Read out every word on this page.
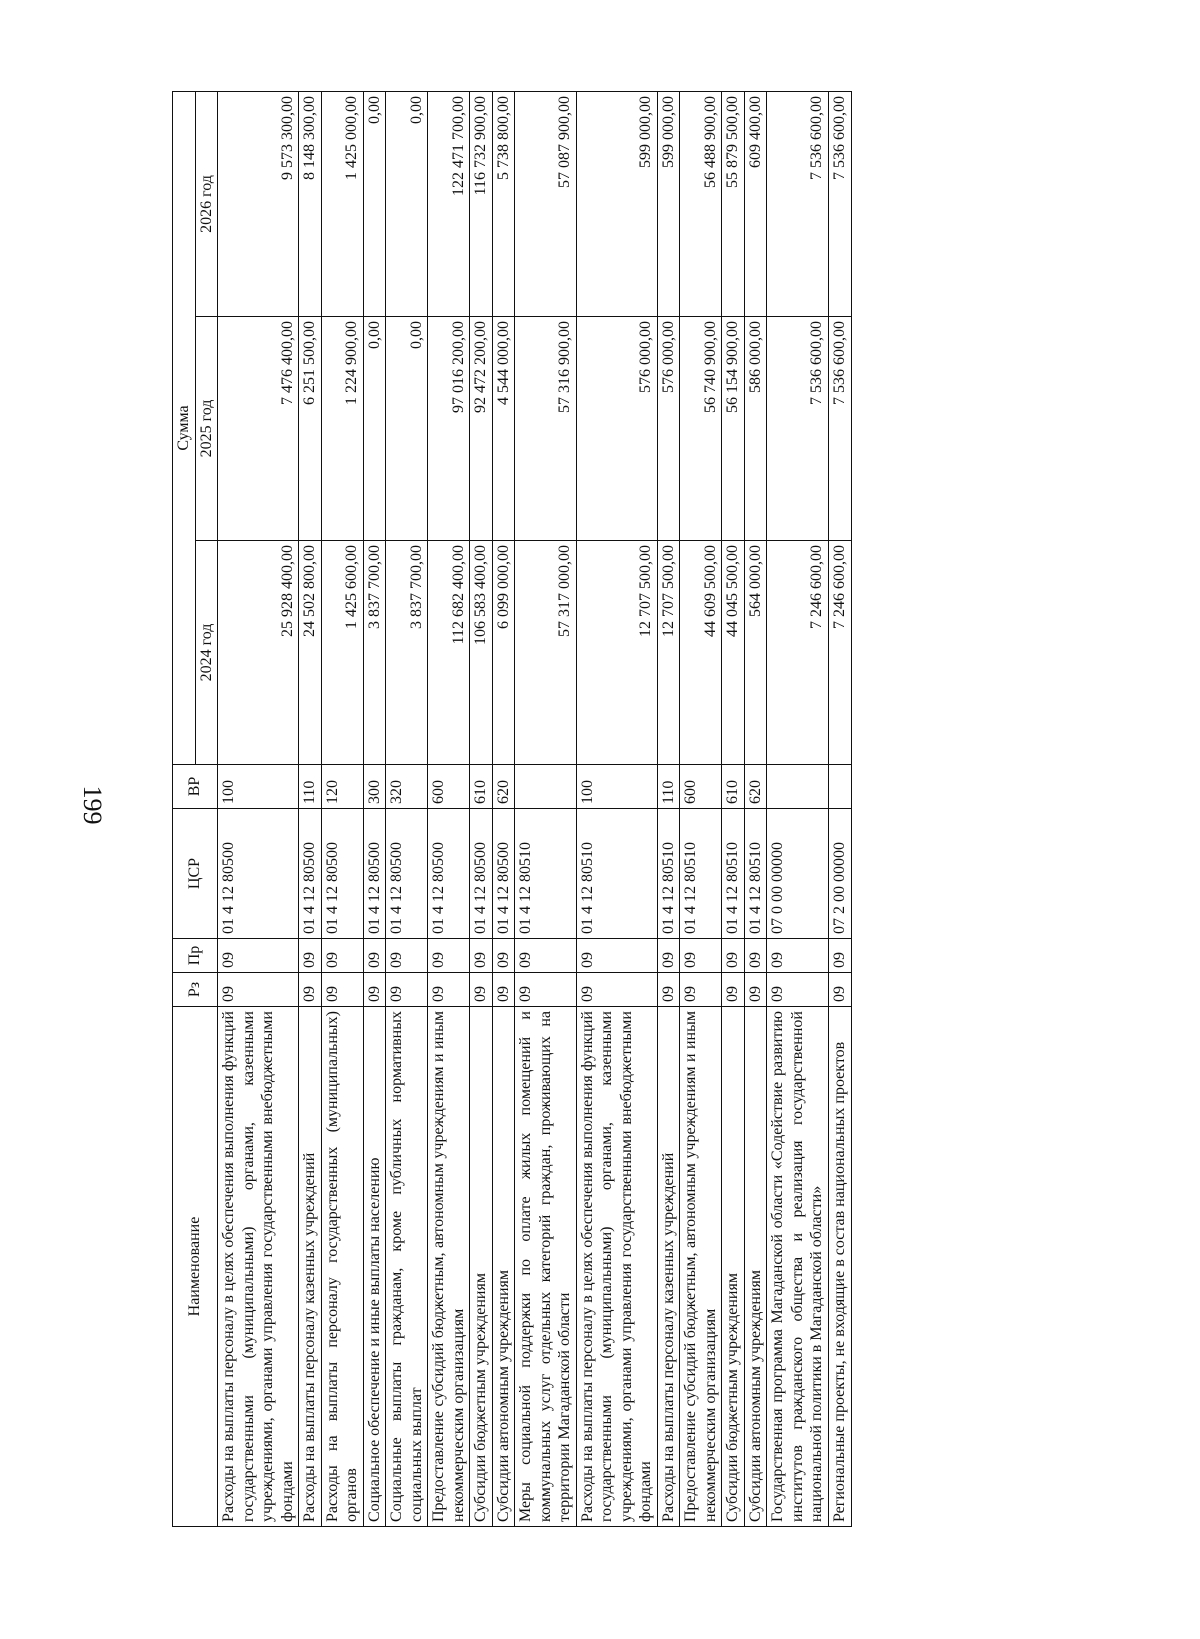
199
Наименование	Рз	Пр	ЦСР	ВР	Сумма		
					2024 год	2025 год	2026 год
Расходы на выплаты персоналу в целях обеспечения выполнения функций государственными (муниципальными) органами, казенными учреждениями, органами управления государственными внебюджетными фондами	09	09	01 4 12 80500	100	25 928 400,00	7 476 400,00	9 573 300,00
Расходы на выплаты персоналу казенных учреждений	09	09	01 4 12 80500	110	24 502 800,00	6 251 500,00	8 148 300,00
Расходы на выплаты персоналу государственных (муниципальных) органов	09	09	01 4 12 80500	120	1 425 600,00	1 224 900,00	1 425 000,00
Социальное обеспечение и иные выплаты населению	09	09	01 4 12 80500	300	3 837 700,00	0,00	0,00
Социальные выплаты гражданам, кроме публичных нормативных социальных выплат	09	09	01 4 12 80500	320	3 837 700,00	0,00	0,00
Предоставление субсидий бюджетным, автономным учреждениям и иным некоммерческим организациям	09	09	01 4 12 80500	600	112 682 400,00	97 016 200,00	122 471 700,00
Субсидии бюджетным учреждениям	09	09	01 4 12 80500	610	106 583 400,00	92 472 200,00	116 732 900,00
Субсидии автономным учреждениям	09	09	01 4 12 80500	620	6 099 000,00	4 544 000,00	5 738 800,00
Меры социальной поддержки по оплате жилых помещений и коммунальных услуг отдельных категорий граждан, проживающих на территории Магаданской области	09	09	01 4 12 80510		57 317 000,00	57 316 900,00	57 087 900,00
Расходы на выплаты персоналу в целях обеспечения выполнения функций государственными (муниципальными) органами, казенными учреждениями, органами управления государственными внебюджетными фондами	09	09	01 4 12 80510	100	12 707 500,00	576 000,00	599 000,00
Расходы на выплаты персоналу казенных учреждений	09	09	01 4 12 80510	110	12 707 500,00	576 000,00	599 000,00
Предоставление субсидий бюджетным, автономным учреждениям и иным некоммерческим организациям	09	09	01 4 12 80510	600	44 609 500,00	56 740 900,00	56 488 900,00
Субсидии бюджетным учреждениям	09	09	01 4 12 80510	610	44 045 500,00	56 154 900,00	55 879 500,00
Субсидии автономным учреждениям	09	09	01 4 12 80510	620	564 000,00	586 000,00	609 400,00
Государственная программа Магаданской области «Содействие развитию институтов гражданского общества и реализация государственной национальной политики в Магаданской области»	09	09	07 0 00 00000		7 246 600,00	7 536 600,00	7 536 600,00
Региональные проекты, не входящие в состав национальных проектов	09	09	07 2 00 00000		7 246 600,00	7 536 600,00	7 536 600,00
